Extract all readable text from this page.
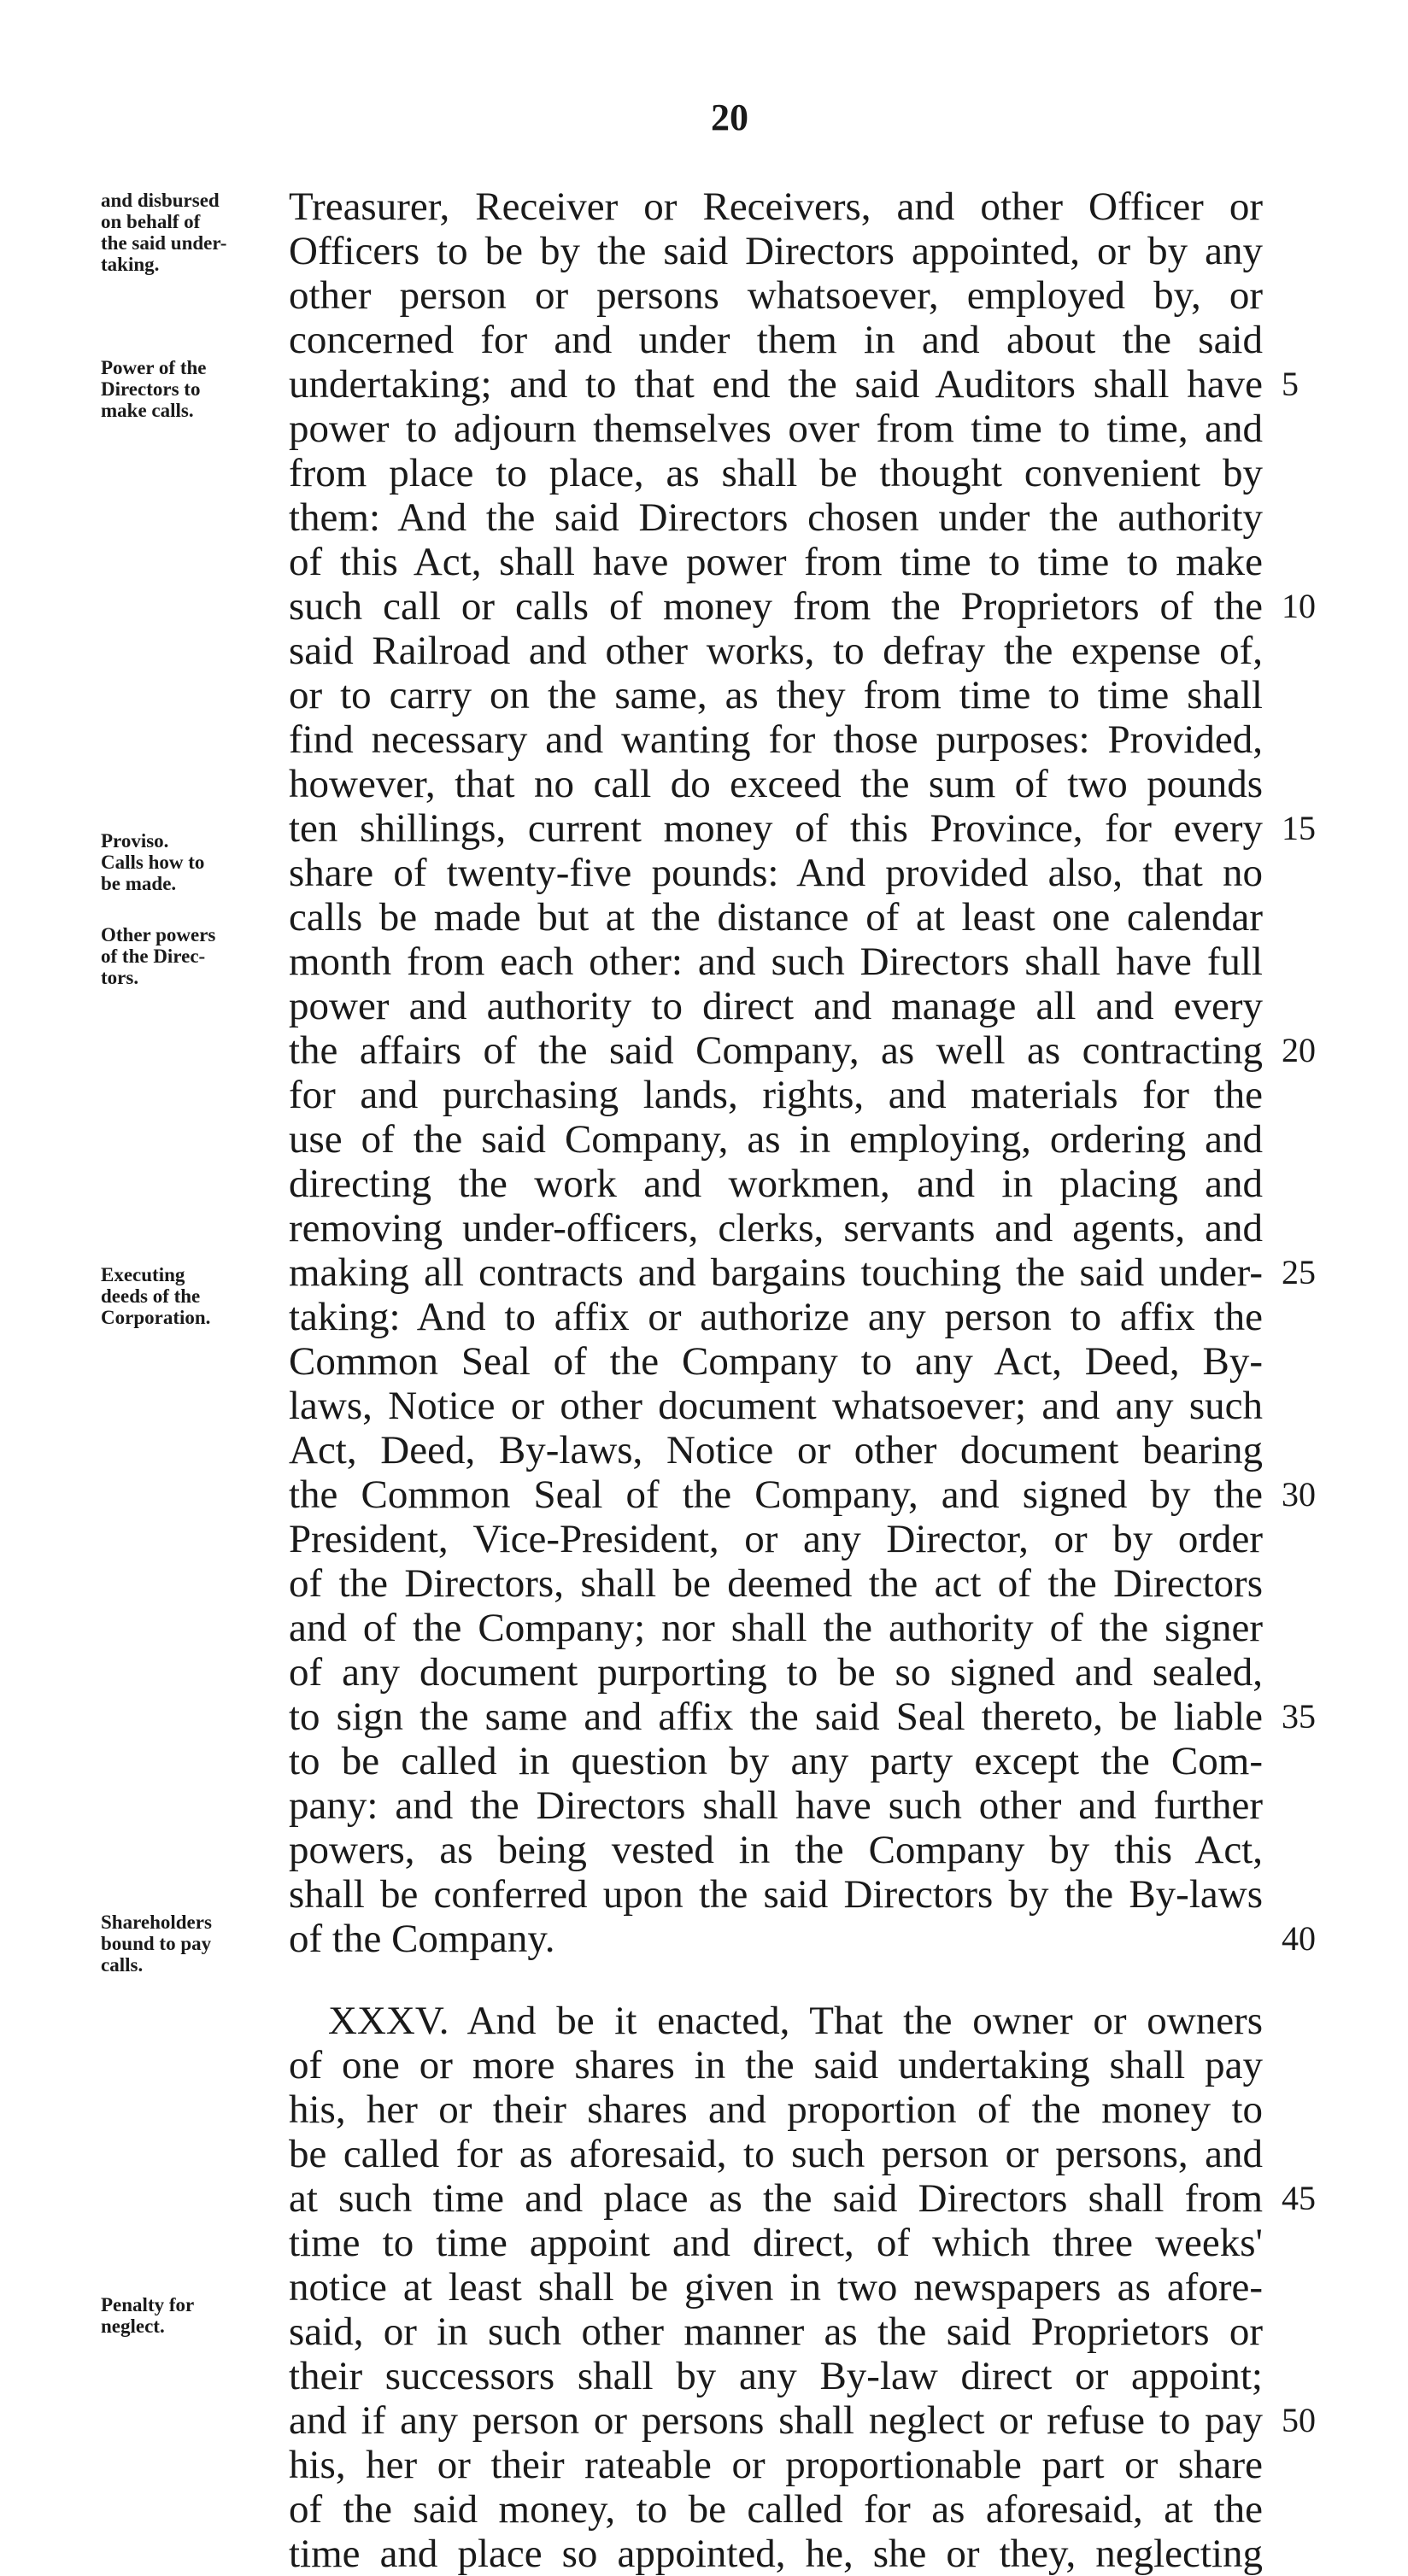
20
and disbursed
on behalf of
the said under-
taking.
Power of the
Directors to
make calls.
Proviso.
Calls how to
be made.
Other powers
of the Direc-
tors.
Executing
deeds of the
Corporation.
Shareholders
bound to pay
calls.
Penalty for
neglect.
Treasurer, Receiver or Receivers, and other Officer or
Officers to be by the said Directors appointed, or by any
other person or persons whatsoever, employed by, or
concerned for and under them in and about the said
undertaking; and to that end the said Auditors shall have
power to adjourn themselves over from time to time, and
from place to place, as shall be thought convenient by
them: And the said Directors chosen under the authority
of this Act, shall have power from time to time to make
such call or calls of money from the Proprietors of the
said Railroad and other works, to defray the expense of,
or to carry on the same, as they from time to time shall
find necessary and wanting for those purposes: Provided,
however, that no call do exceed the sum of two pounds
ten shillings, current money of this Province, for every
share of twenty-five pounds: And provided also, that no
calls be made but at the distance of at least one calendar
month from each other: and such Directors shall have full
power and authority to direct and manage all and every
the affairs of the said Company, as well as contracting
for and purchasing lands, rights, and materials for the
use of the said Company, as in employing, ordering and
directing the work and workmen, and in placing and
removing under-officers, clerks, servants and agents, and
making all contracts and bargains touching the said under-
taking: And to affix or authorize any person to affix the
Common Seal of the Company to any Act, Deed, By-
laws, Notice or other document whatsoever; and any such
Act, Deed, By-laws, Notice or other document bearing
the Common Seal of the Company, and signed by the
President, Vice-President, or any Director, or by order
of the Directors, shall be deemed the act of the Directors
and of the Company; nor shall the authority of the signer
of any document purporting to be so signed and sealed,
to sign the same and affix the said Seal thereto, be liable
to be called in question by any party except the Com-
pany: and the Directors shall have such other and further
powers, as being vested in the Company by this Act,
shall be conferred upon the said Directors by the By-laws
of the Company.
XXXV. And be it enacted, That the owner or owners
of one or more shares in the said undertaking shall pay
his, her or their shares and proportion of the money to
be called for as aforesaid, to such person or persons, and
at such time and place as the said Directors shall from
time to time appoint and direct, of which three weeks'
notice at least shall be given in two newspapers as afore-
said, or in such other manner as the said Proprietors or
their successors shall by any By-law direct or appoint;
and if any person or persons shall neglect or refuse to pay
his, her or their rateable or proportionable part or share
of the said money, to be called for as aforesaid, at the
time and place so appointed, he, she or they, neglecting
5
10
15
20
25
30
35
40
45
50
